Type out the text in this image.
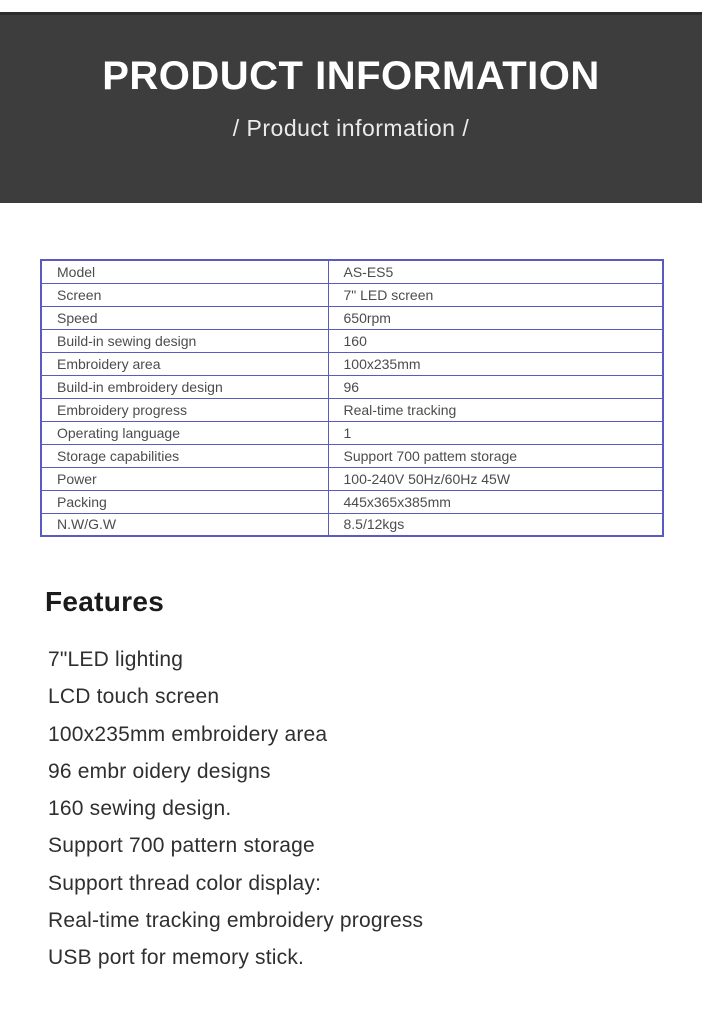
PRODUCT INFORMATION
/ Product information /
Model	AS-ES5
Screen	7" LED screen
Speed	650rpm
Build-in sewing design	160
Embroidery area	100x235mm
Build-in embroidery design	96
Embroidery progress	Real-time tracking
Operating language	1
Storage capabilities	Support 700 pattem storage
Power	100-240V 50Hz/60Hz 45W
Packing	445x365x385mm
N.W/G.W	8.5/12kgs
Features
7"LED lighting
LCD touch screen
100x235mm embroidery area
96 embr oidery designs
160 sewing design.
Support 700 pattern storage
Support thread color display:
Real-time tracking embroidery progress
USB port for memory stick.
